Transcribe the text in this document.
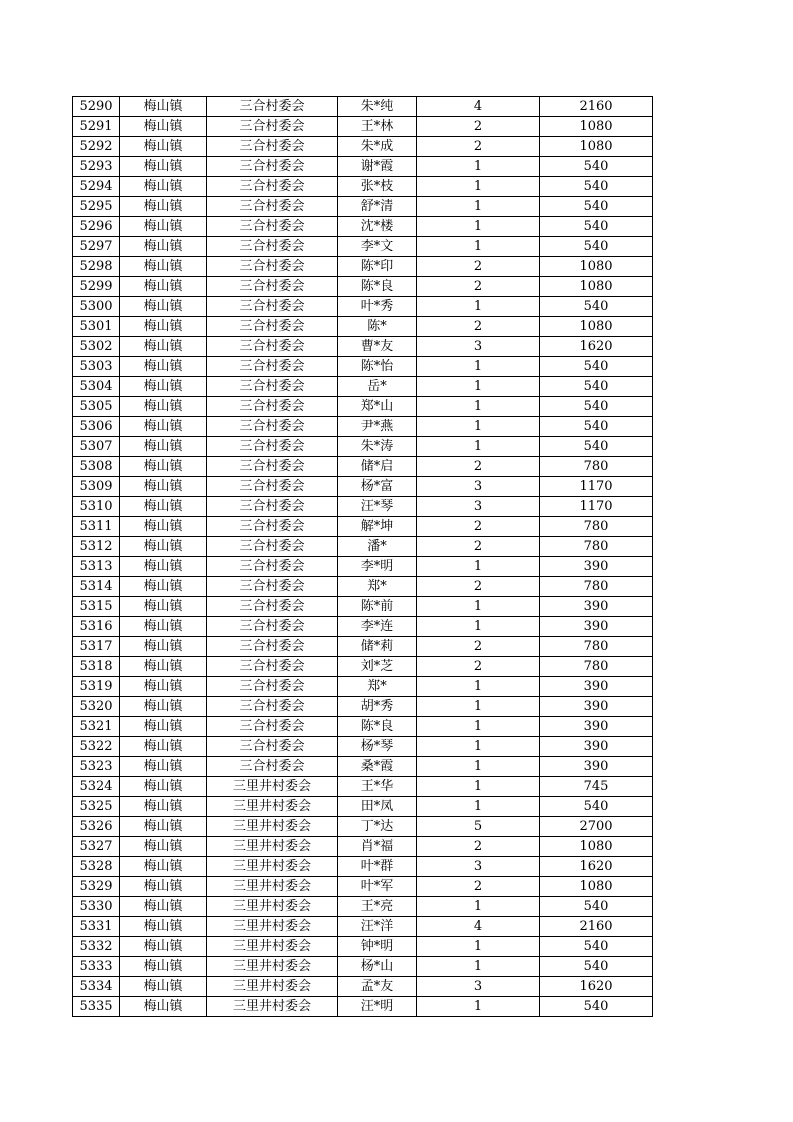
5290	梅山镇	三合村委会	朱*纯	4	2160
5291	梅山镇	三合村委会	王*林	2	1080
5292	梅山镇	三合村委会	朱*成	2	1080
5293	梅山镇	三合村委会	谢*霞	1	540
5294	梅山镇	三合村委会	张*枝	1	540
5295	梅山镇	三合村委会	舒*清	1	540
5296	梅山镇	三合村委会	沈*楼	1	540
5297	梅山镇	三合村委会	李*文	1	540
5298	梅山镇	三合村委会	陈*印	2	1080
5299	梅山镇	三合村委会	陈*良	2	1080
5300	梅山镇	三合村委会	叶*秀	1	540
5301	梅山镇	三合村委会	陈*	2	1080
5302	梅山镇	三合村委会	曹*友	3	1620
5303	梅山镇	三合村委会	陈*怡	1	540
5304	梅山镇	三合村委会	岳*	1	540
5305	梅山镇	三合村委会	郑*山	1	540
5306	梅山镇	三合村委会	尹*燕	1	540
5307	梅山镇	三合村委会	朱*涛	1	540
5308	梅山镇	三合村委会	储*启	2	780
5309	梅山镇	三合村委会	杨*富	3	1170
5310	梅山镇	三合村委会	汪*琴	3	1170
5311	梅山镇	三合村委会	解*坤	2	780
5312	梅山镇	三合村委会	潘*	2	780
5313	梅山镇	三合村委会	李*明	1	390
5314	梅山镇	三合村委会	郑*	2	780
5315	梅山镇	三合村委会	陈*前	1	390
5316	梅山镇	三合村委会	李*连	1	390
5317	梅山镇	三合村委会	储*莉	2	780
5318	梅山镇	三合村委会	刘*芝	2	780
5319	梅山镇	三合村委会	郑*	1	390
5320	梅山镇	三合村委会	胡*秀	1	390
5321	梅山镇	三合村委会	陈*良	1	390
5322	梅山镇	三合村委会	杨*琴	1	390
5323	梅山镇	三合村委会	桑*霞	1	390
5324	梅山镇	三里井村委会	王*华	1	745
5325	梅山镇	三里井村委会	田*凤	1	540
5326	梅山镇	三里井村委会	丁*达	5	2700
5327	梅山镇	三里井村委会	肖*福	2	1080
5328	梅山镇	三里井村委会	叶*群	3	1620
5329	梅山镇	三里井村委会	叶*军	2	1080
5330	梅山镇	三里井村委会	王*亮	1	540
5331	梅山镇	三里井村委会	汪*洋	4	2160
5332	梅山镇	三里井村委会	钟*明	1	540
5333	梅山镇	三里井村委会	杨*山	1	540
5334	梅山镇	三里井村委会	孟*友	3	1620
5335	梅山镇	三里井村委会	汪*明	1	540
